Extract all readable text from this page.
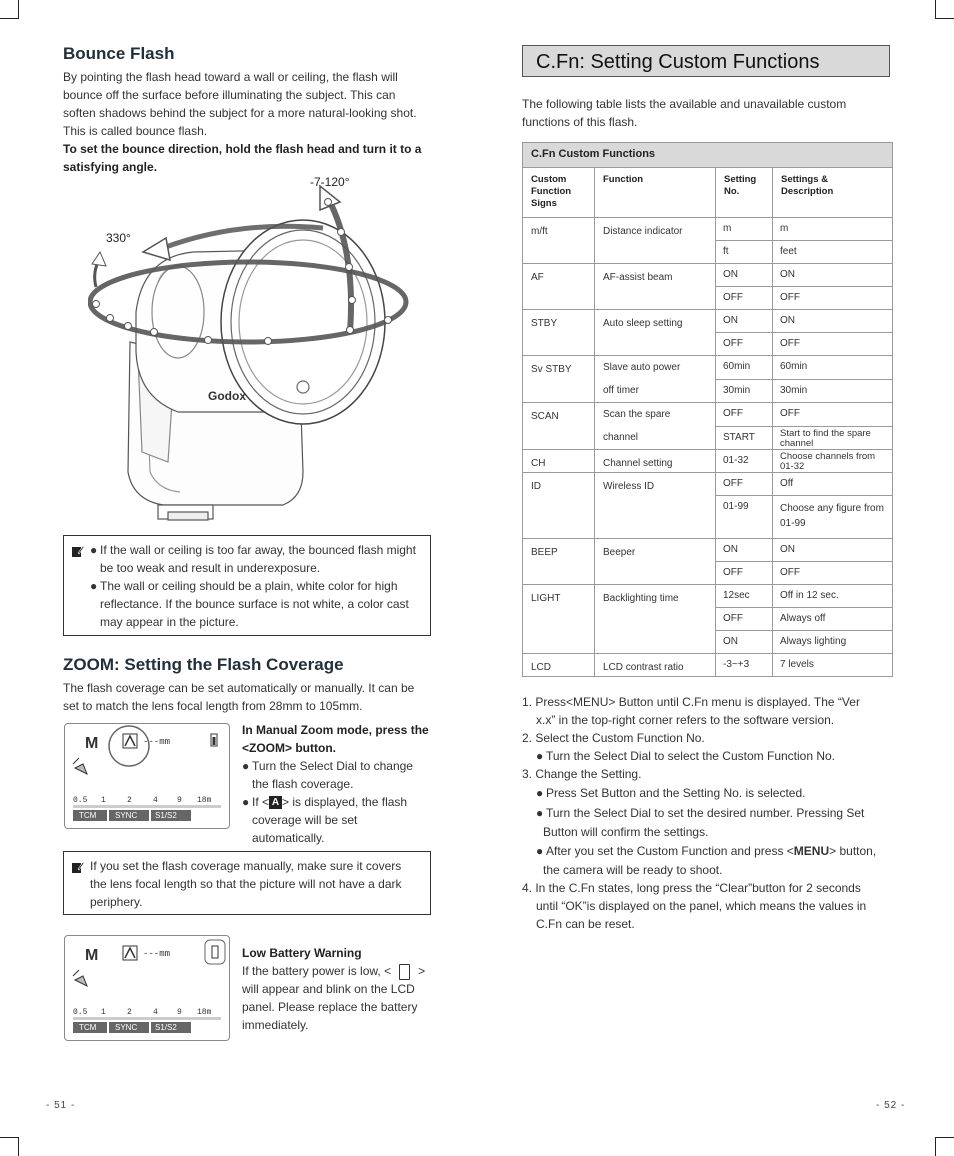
Bounce Flash

By pointing the flash head toward a wall or ceiling, the flash will
bounce off the surface before illuminating the subject. This can
soften shadows behind the subject for a more natural-looking shot.
This is called bounce flash.

To set the bounce direction, hold the flash head and turn it to a
satisfying angle.

Godox
330°
-7-120°
● If the wall or ceiling is too far away, the bounced flash might
be too weak and result in underexposure.
● The wall or ceiling should be a plain, white color for high
reflectance. If the bounce surface is not white, a color cast
may appear in the picture.
ZOOM: Setting the Flash Coverage

The flash coverage can be set automatically or manually. It can be
set to match the lens focal length from 28mm to 105mm.

M	---mm
0.5 1	2	4 9 18m
TCM SYNC S1/S2
In Manual Zoom mode, press the
<ZOOM> button.
● Turn the Select Dial to change
the flash coverage.
● If < A > is displayed, the flash
coverage will be set
automatically.
If you set the flash coverage manually, make sure it covers
the lens focal length so that the picture will not have a dark
periphery.
M	---mm
0.5 1	2	4 9 18m
TCM SYNC S1/S2
Low Battery Warning
If the battery power is low, < >
will appear and blink on the LCD
panel. Please replace the battery
immediately.
- 51 -
C.Fn: Setting Custom Functions

The following table lists the available and unavailable custom
functions of this flash.

C.Fn Custom Functions			
Custom
Function
Signs	Function	Setting
No.	Settings &
Description
m/ft	Distance indicator	m	m
		ft	feet
AF	AF-assist beam	ON	ON
		OFF	OFF
STBY	Auto sleep setting	ON	ON
		OFF	OFF
Sv STBY	Slave auto power
off timer	60min	60min
		30min	30min
SCAN	Scan the spare
channel	OFF	OFF
		START	Start to find the spare channel
CH	Channel setting	01-32	Choose channels from 01-32
ID	Wireless ID	OFF	Off
		01-99	Choose any figure from 01-99
BEEP	Beeper	ON	ON
		OFF	OFF
LIGHT	Backlighting time	12sec	Off in 12 sec.
		OFF	Always off
		ON	Always lighting
LCD	LCD contrast ratio	-3~+3	7 levels
1. Press<MENU> Button until C.Fn menu is displayed. The “Ver
x.x” in the top-right corner refers to the software version.
2. Select the Custom Function No.
● Turn the Select Dial to select the Custom Function No.
3. Change the Setting.
● Press Set Button and the Setting No. is selected.
● Turn the Select Dial to set the desired number. Pressing Set
Button will confirm the settings.
● After you set the Custom Function and press <MENU> button,
the camera will be ready to shoot.
4. In the C.Fn states, long press the “Clear”button for 2 seconds
until “OK”is displayed on the panel, which means the values in
C.Fn can be reset.
- 52 -
